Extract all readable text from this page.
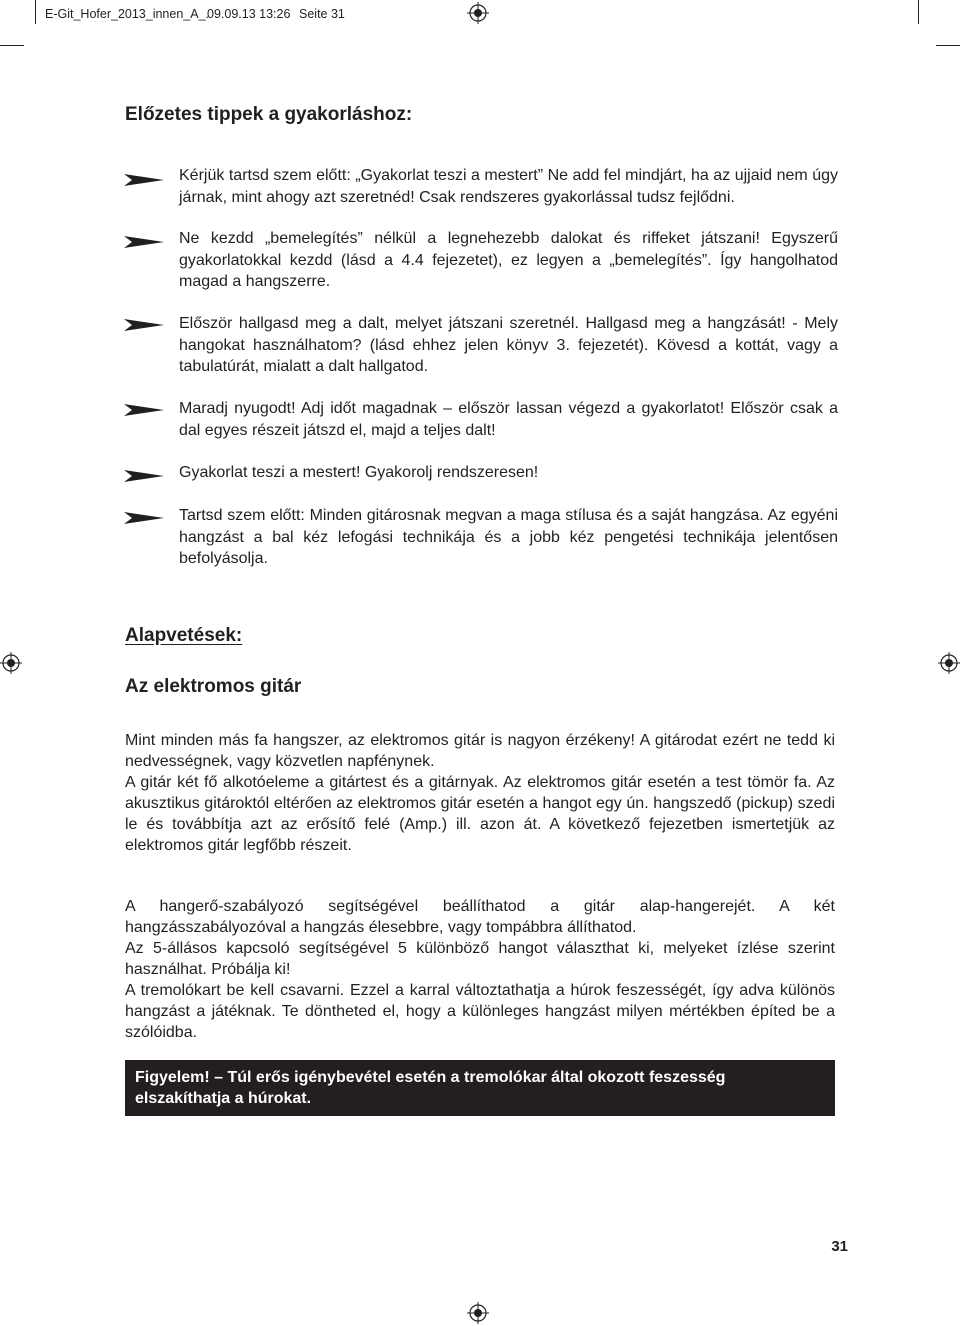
E-Git_Hofer_2013_innen_A_.
09.09.13 13:26 Seite 31
Előzetes tippek a gyakorláshoz:

Kérjük tartsd szem előtt: „Gyakorlat teszi a mestert” Ne add fel mindjárt, ha az ujjaid nem úgy járnak, mint ahogy azt szeretnéd! Csak rendszeres gyakorlással tudsz fejlődni.

Ne kezdd „bemelegítés” nélkül a legnehezebb dalokat és riffeket játszani! Egyszerű gyakorlatokkal kezdd (lásd a 4.4 fejezetet), ez legyen a „bemelegítés”. Így hangolhatod magad a hangszerre.

Először hallgasd meg a dalt, melyet játszani szeretnél. Hallgasd meg a hangzását! - Mely hangokat használhatom? (lásd ehhez jelen könyv 3. fejezetét). Kövesd a kottát, vagy a tabulatúrát, mialatt a dalt hallgatod.

Maradj nyugodt! Adj időt magadnak – először lassan végezd a gyakorlatot! Először csak a dal egyes részeit játszd el, majd a teljes dalt!

Gyakorlat teszi a mestert! Gyakorolj rendszeresen!

Tartsd szem előtt: Minden gitárosnak megvan a maga stílusa és a saját hangzása. Az egyéni hangzást a bal kéz lefogási technikája és a jobb kéz pengetési technikája jelentősen befolyásolja.

Alapvetések:
Az elektromos gitár
Mint minden más fa hangszer, az elektromos gitár is nagyon érzékeny! A gitárodat ezért ne tedd ki nedvességnek, vagy közvetlen napfénynek.
A gitár két fő alkotóeleme a gitártest és a gitárnyak. Az elektromos gitár esetén a test tömör fa. Az akusztikus gitároktól eltérően az elektromos gitár esetén a hangot egy ún. hangszedő (pickup) szedi le és továbbítja azt az erősítő felé (Amp.) ill. azon át. A következő fejezetben ismertetjük az elektromos gitár legfőbb részeit.
A hangerő-szabályozó segítségével beállíthatod a gitár alap-hangerejét. A két hangzásszabályozóval a hangzás élesebbre, vagy tompábbra állíthatod.
Az 5-állásos kapcsoló segítségével 5 különböző hangot választhat ki, melyeket ízlése szerint használhat. Próbálja ki!
A tremolókart be kell csavarni. Ezzel a karral változtathatja a húrok feszességét, így adva különös hangzást a játéknak. Te döntheted el, hogy a különleges hangzást milyen mértékben építed be a szólóidba.
Figyelem! – Túl erős igénybevétel esetén a tremolókar által okozott feszesség elszakíthatja a húrokat.
31
